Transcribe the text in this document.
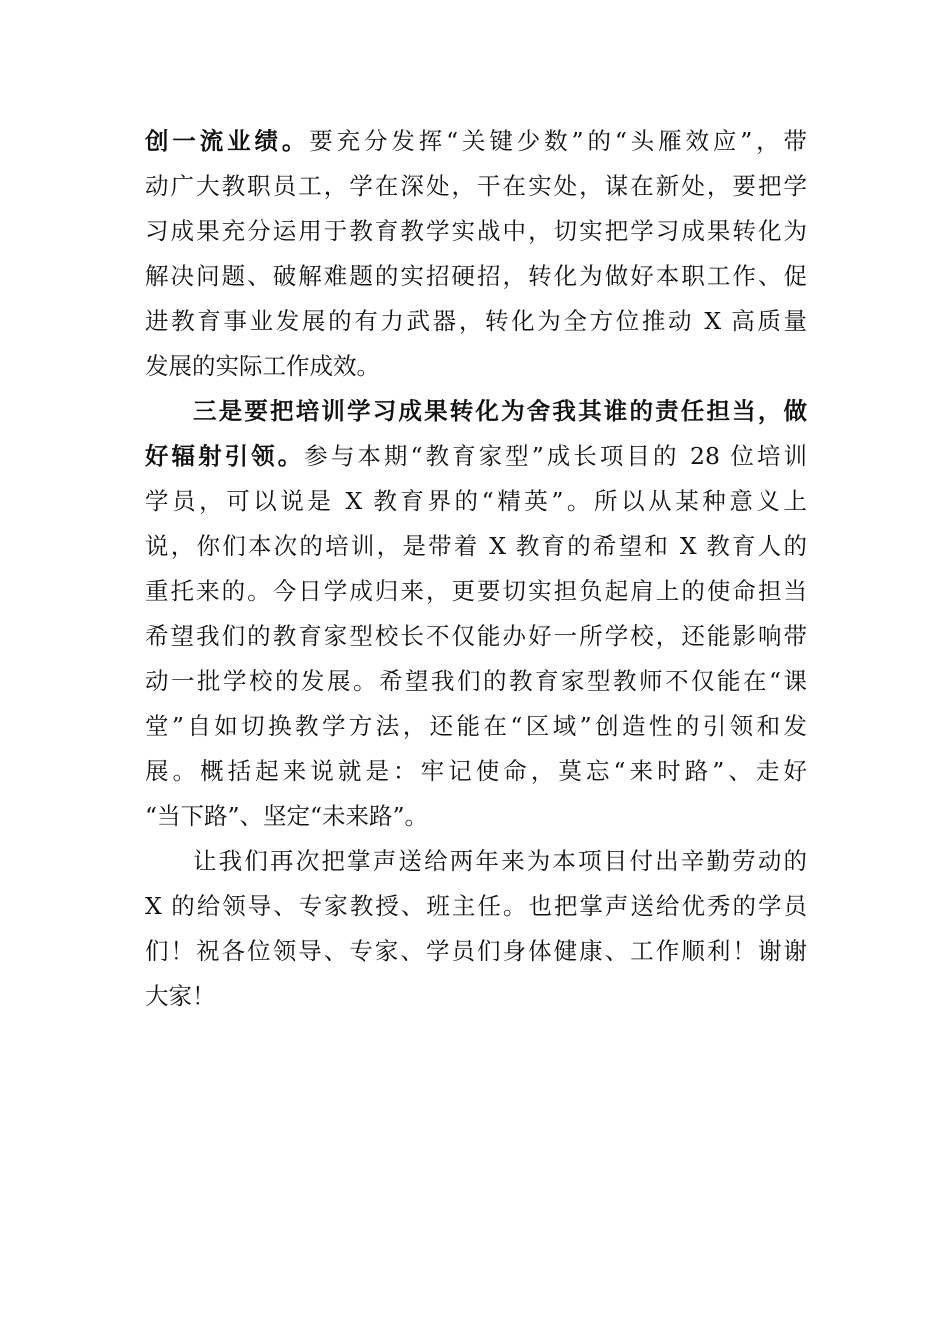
创一流业绩。要充分发挥“关键少数”的“头雁效应”，带
动广大教职员工，学在深处，干在实处，谋在新处，要把学
习成果充分运用于教育教学实战中，切实把学习成果转化为
解决问题、破解难题的实招硬招，转化为做好本职工作、促
进教育事业发展的有力武器，转化为全方位推动 X 高质量
发展的实际工作成效。
三是要把培训学习成果转化为舍我其谁的责任担当，做
好辐射引领。参与本期“教育家型”成长项目的 28 位培训
学员，可以说是 X 教育界的“精英”。所以从某种意义上
说，你们本次的培训，是带着 X 教育的希望和 X 教育人的
重托来的。今日学成归来，更要切实担负起肩上的使命担当
希望我们的教育家型校长不仅能办好一所学校，还能影响带
动一批学校的发展。希望我们的教育家型教师不仅能在“课
堂”自如切换教学方法，还能在“区域”创造性的引领和发
展。概括起来说就是：牢记使命，莫忘“来时路”、走好
“当下路”、坚定“未来路”。
让我们再次把掌声送给两年来为本项目付出辛勤劳动的
X 的给领导、专家教授、班主任。也把掌声送给优秀的学员
们！祝各位领导、专家、学员们身体健康、工作顺利！谢谢
大家！
